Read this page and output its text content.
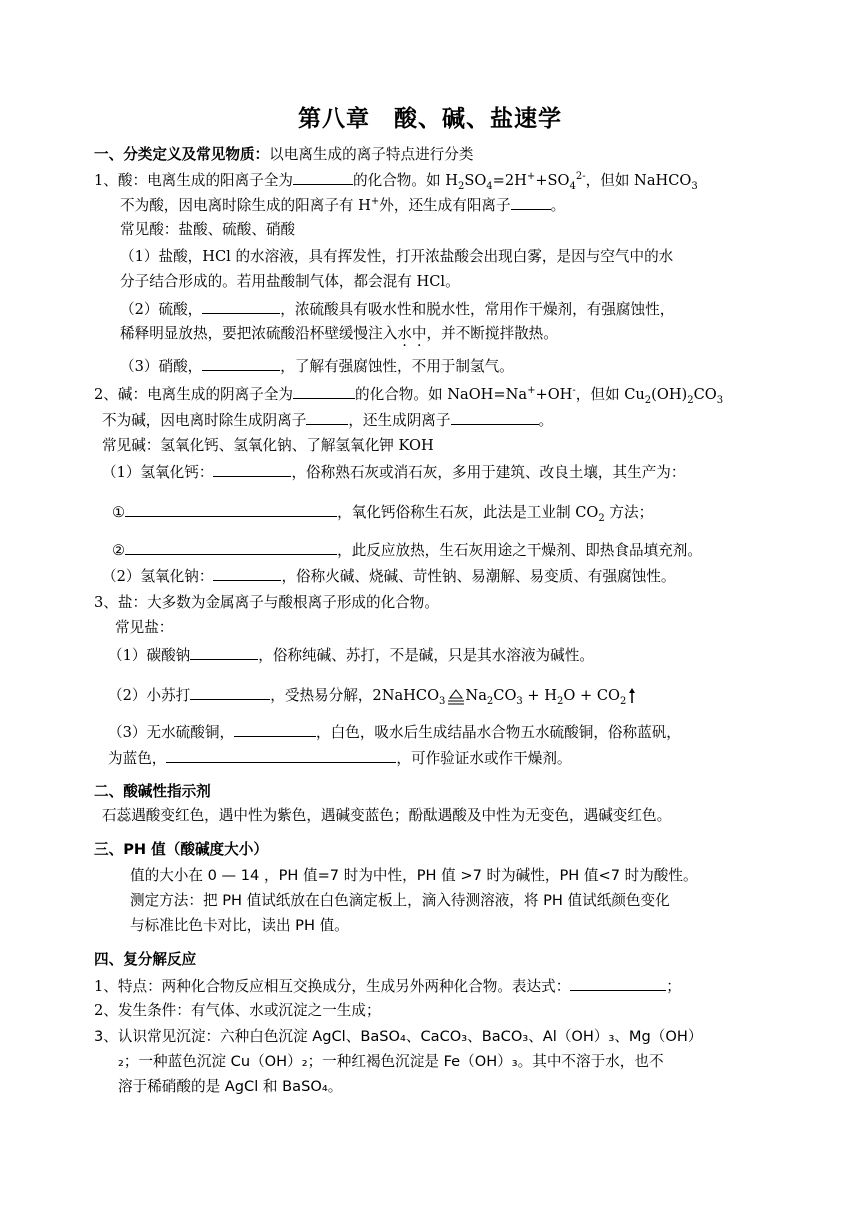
第八章　酸、碱、盐速学
一、分类定义及常见物质：以电离生成的离子特点进行分类
1、酸：电离生成的阳离子全为	的化合物。如 $H_2SO_4=2H^++SO_4^{2-}$，但如 NaHCO$_3$
不为酸，因电离时除生成的阳离子有 H+外，还生成有阳离子	。
常见酸：盐酸、硫酸、硝酸
（1）盐酸，HCl 的水溶液，具有挥发性，打开浓盐酸会出现白雾，是因与空气中的水
分子结合形成的。若用盐酸制气体，都会混有 HCl。
（2）硫酸，	，浓硫酸具有吸水性和脱水性，常用作干燥剂，有强腐蚀性，
稀释明显放热，要把浓硫酸沿杯壁缓慢注入水中，并不断搅拌散热。
（3）硝酸，	，了解有强腐蚀性，不用于制氢气。
2、碱：电离生成的阴离子全为	的化合物。如 NaOH=Na++OH-，但如 $Cu_2(OH)_2CO_3$
不为碱，因电离时除生成阴离子	，还生成阴离子	。
常见碱：氢氧化钙、氢氧化钠、了解氢氧化钾 KOH
（1）氢氧化钙：	，俗称熟石灰或消石灰，多用于建筑、改良土壤，其生产为：
①	，氧化钙俗称生石灰，此法是工业制 $CO_2$ 方法；
②	，此反应放热，生石灰用途之干燥剂、即热食品填充剂。
（2）氢氧化钠：	，俗称火碱、烧碱、苛性钠、易潮解、易变质、有强腐蚀性。
3、盐：大多数为金属离子与酸根离子形成的化合物。
常见盐：
（1）碳酸钠	，俗称纯碱、苏打，不是碱，只是其水溶液为碱性。
（2）小苏打	，受热易分解，2NaHCO$_3$ $Na_2CO_3 + H_2O + CO_2$
（3）无水硫酸铜，	，白色，吸水后生成结晶水合物五水硫酸铜，俗称蓝矾，
为蓝色，	，可作验证水或作干燥剂。
二、酸碱性指示剂
石蕊遇酸变红色，遇中性为紫色，遇碱变蓝色；酚酞遇酸及中性为无变色，遇碱变红色。
三、PH 值（酸碱度大小）
值的大小在 0 — 14 ，PH 值=7 时为中性，PH 值 >7 时为碱性，PH 值<7 时为酸性。
测定方法：把 PH 值试纸放在白色滴定板上，滴入待测溶液，将 PH 值试纸颜色变化
与标准比色卡对比，读出 PH 值。
四、复分解反应
1、特点：两种化合物反应相互交换成分，生成另外两种化合物。表达式：	；
2、发生条件：有气体、水或沉淀之一生成；
3、认识常见沉淀：六种白色沉淀 AgCl、BaSO₄、CaCO₃、BaCO₃、Al（OH）₃、Mg（OH）
₂；一种蓝色沉淀 Cu（OH）₂；一种红褐色沉淀是 Fe（OH）₃。其中不溶于水，也不
溶于稀硝酸的是 AgCl 和 BaSO₄。
